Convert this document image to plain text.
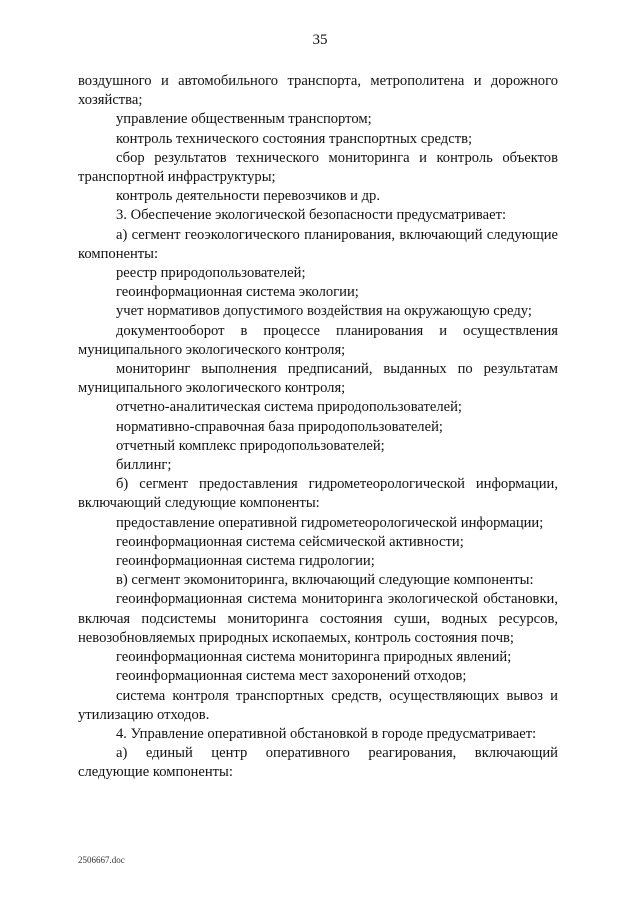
35

воздушного и автомобильного транспорта, метрополитена и дорожного хозяйства;

управление общественным транспортом;

контроль технического состояния транспортных средств;

сбор результатов технического мониторинга и контроль объектов транспортной инфраструктуры;

контроль деятельности перевозчиков и др.

3. Обеспечение экологической безопасности предусматривает:

а) сегмент геоэкологического планирования, включающий следующие компоненты:

реестр природопользователей;

геоинформационная система экологии;

учет нормативов допустимого воздействия на окружающую среду;

документооборот в процессе планирования и осуществления муниципального экологического контроля;

мониторинг выполнения предписаний, выданных по результатам муниципального экологического контроля;

отчетно-аналитическая система природопользователей;

нормативно-справочная база природопользователей;

отчетный комплекс природопользователей;

биллинг;

б) сегмент предоставления гидрометеорологической информации, включающий следующие компоненты:

предоставление оперативной гидрометеорологической информации;

геоинформационная система сейсмической активности;

геоинформационная система гидрологии;

в) сегмент экомониторинга, включающий следующие компоненты:

геоинформационная система мониторинга экологической обстановки, включая подсистемы мониторинга состояния суши, водных ресурсов, невозобновляемых природных ископаемых, контроль состояния почв;

геоинформационная система мониторинга природных явлений;

геоинформационная система мест захоронений отходов;

система контроля транспортных средств, осуществляющих вывоз и утилизацию отходов.

4. Управление оперативной обстановкой в городе предусматривает:

а) единый центр оперативного реагирования, включающий следующие компоненты:

2506667.doc
